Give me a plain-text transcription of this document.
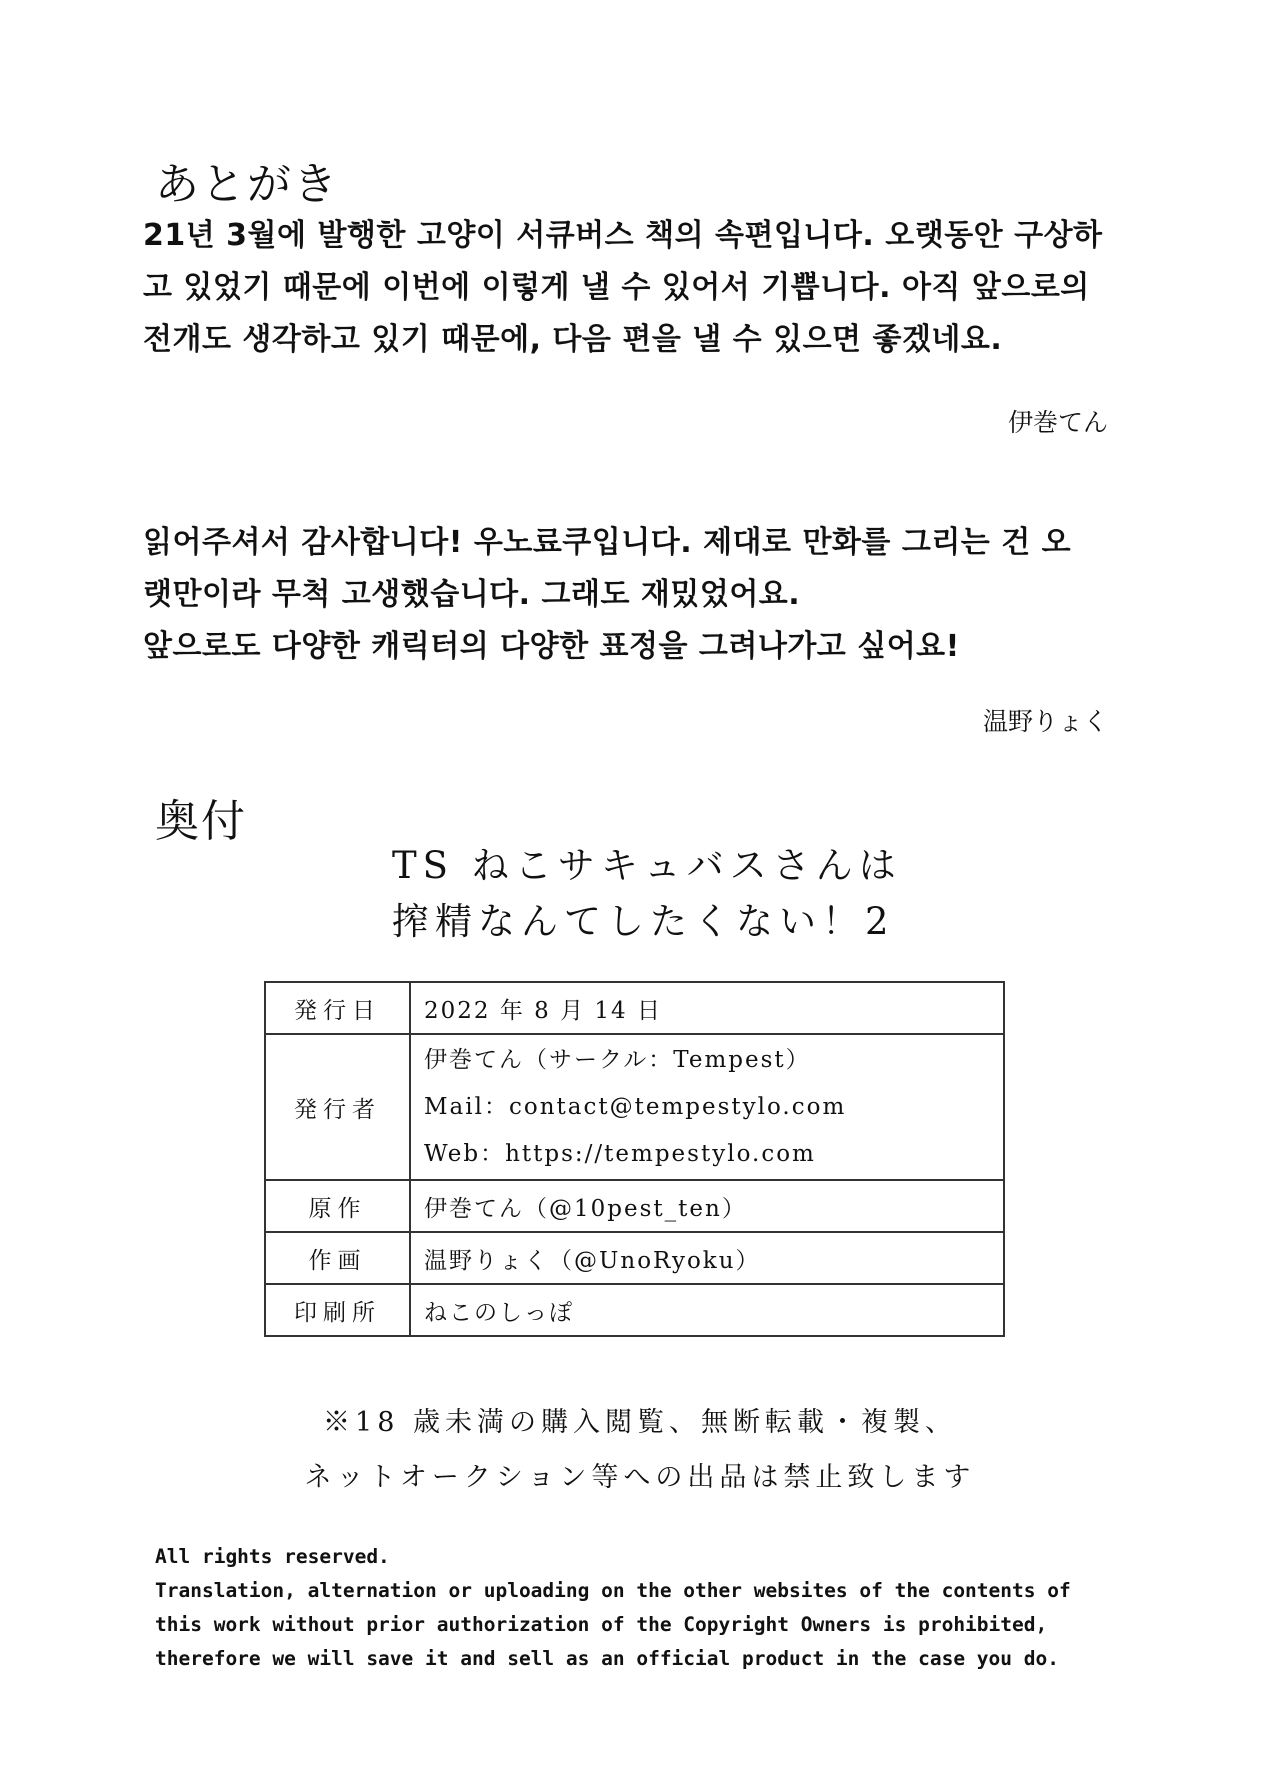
あとがき
21년 3월에 발행한 고양이 서큐버스 책의 속편입니다. 오랫동안 구상하
고 있었기 때문에 이번에 이렇게 낼 수 있어서 기쁩니다. 아직 앞으로의
전개도 생각하고 있기 때문에, 다음 편을 낼 수 있으면 좋겠네요.
伊巻てん
읽어주셔서 감사합니다! 우노료쿠입니다. 제대로 만화를 그리는 건 오
랫만이라 무척 고생했습니다. 그래도 재밌었어요.
앞으로도 다양한 캐릭터의 다양한 표정을 그려나가고 싶어요!
温野りょく
奥付
TS ねこサキュバスさんは
搾精なんてしたくない！2
発行日	2022 年 8 月 14 日
発行者	伊巻てん（サークル：Tempest）
Mail：contact@tempestylo.com
Web：https://tempestylo.com

原作	伊巻てん（@10pest_ten）
作画	温野りょく（@UnoRyoku）
印刷所	ねこのしっぽ
※18 歳未満の購入閲覧、無断転載・複製、
ネットオークション等への出品は禁止致します
All rights reserved.
Translation, alternation or uploading on the other websites of the contents of
this work without prior authorization of the Copyright Owners is prohibited,
therefore we will save it and sell as an official product in the case you do.
